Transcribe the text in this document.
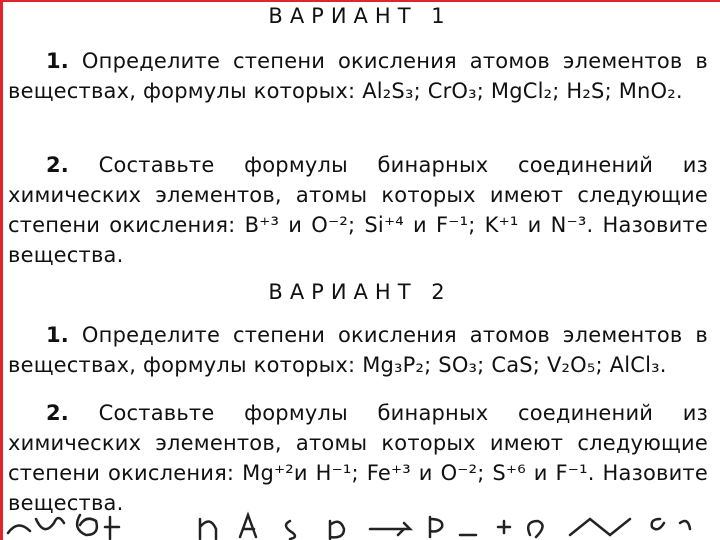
ВАРИАНТ 1
1. Определите степени окисления атомов элементов в веществах, формулы которых: Al₂S₃; CrO₃; MgCl₂; H₂S; MnO₂.
2. Составьте формулы бинарных соединений из химических элементов, атомы которых имеют следующие степени окисления: B⁺³ и O⁻²; Si⁺⁴ и F⁻¹; K⁺¹ и N⁻³. Назовите вещества.
ВАРИАНТ 2
1. Определите степени окисления атомов элементов в веществах, формулы которых: Mg₃P₂; SO₃; CaS; V₂O₅; AlCl₃.
2. Составьте формулы бинарных соединений из химических элементов, атомы которых имеют следующие степени окисления: Mg⁺²и H⁻¹; Fe⁺³ и O⁻²; S⁺⁶ и F⁻¹. Назовите вещества.
